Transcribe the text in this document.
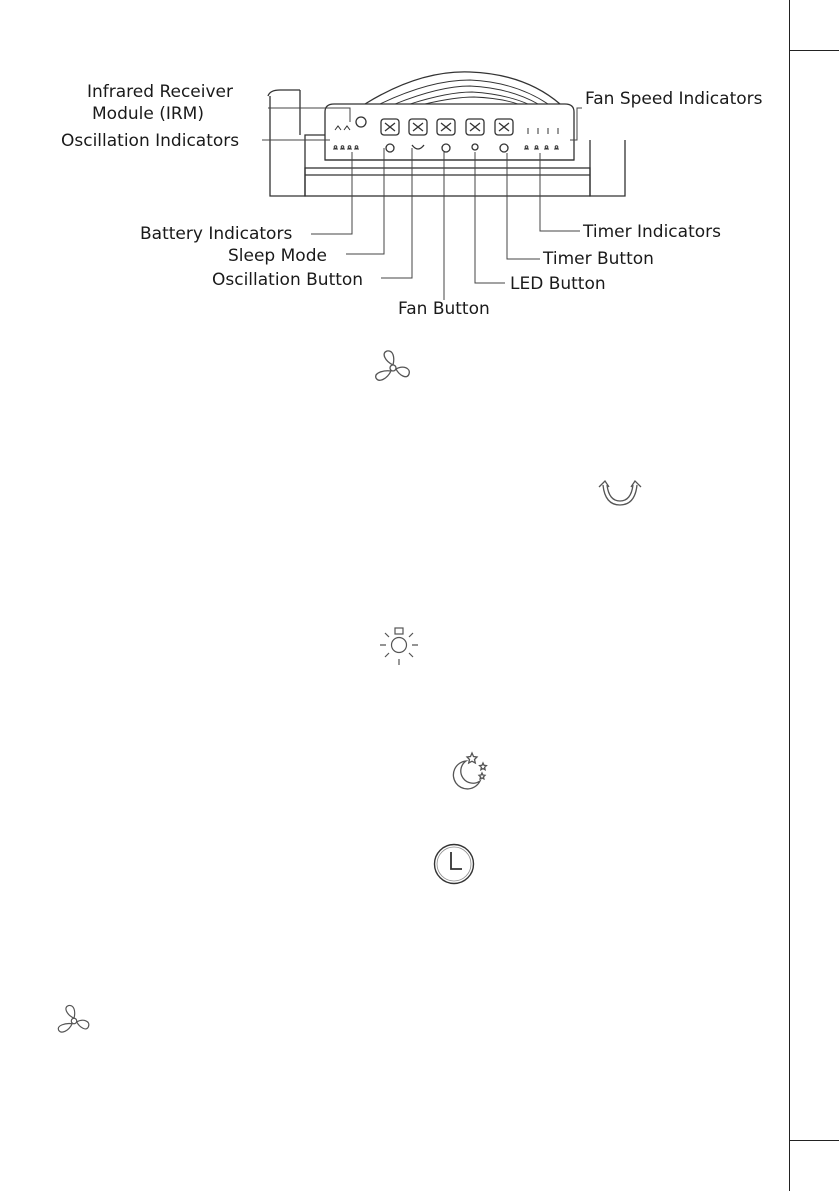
Infrared Receiver
Module (IRM)
Oscillation Indicators
Fan Speed Indicators
Battery Indicators
Sleep Mode
Oscillation Button
Fan Button
LED Button
Timer Button
Timer Indicators
